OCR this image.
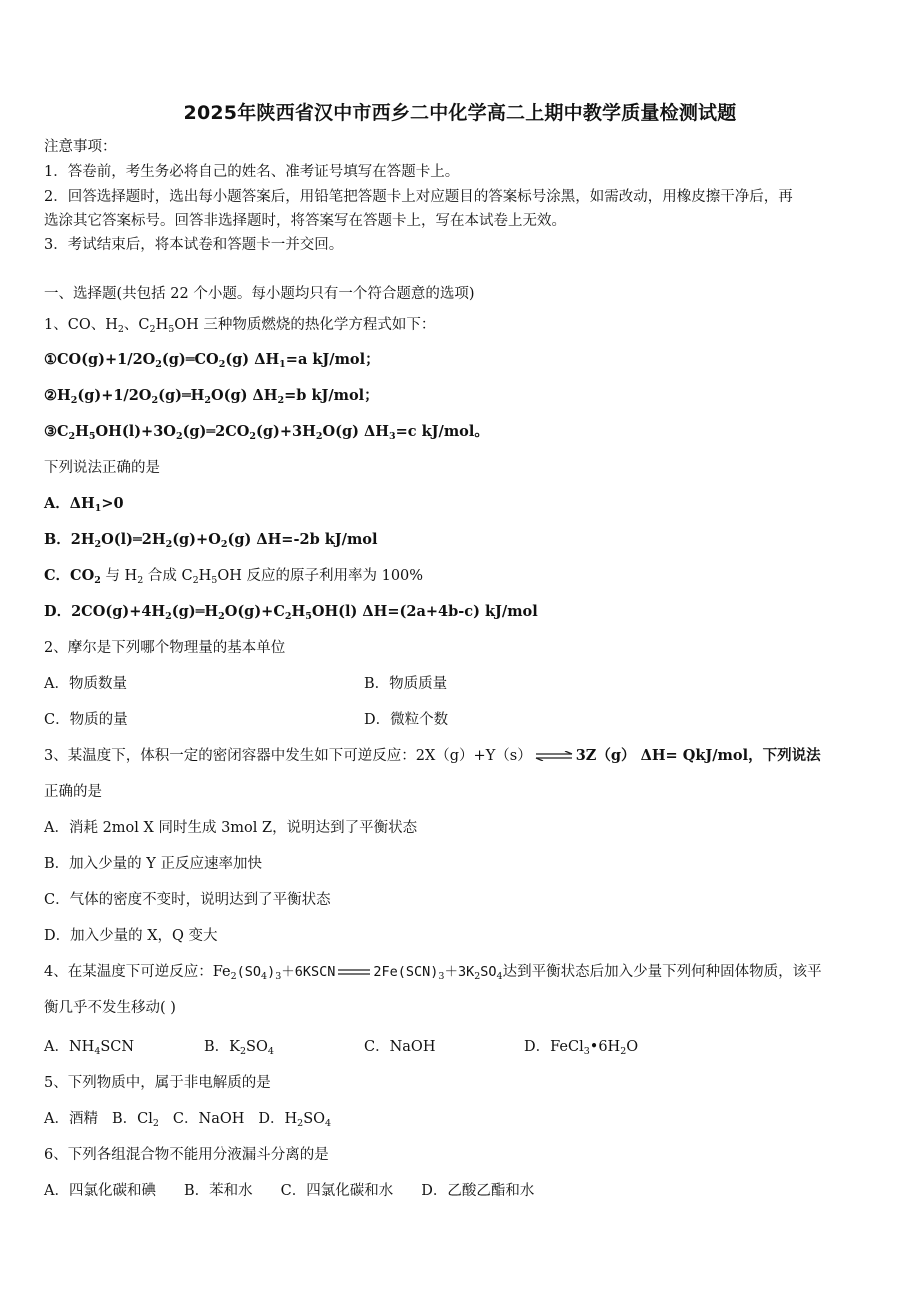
2025年陕西省汉中市西乡二中化学高二上期中教学质量检测试题
注意事项：
1．答卷前，考生务必将自己的姓名、准考证号填写在答题卡上。
2．回答选择题时，选出每小题答案后，用铅笔把答题卡上对应题目的答案标号涂黑，如需改动，用橡皮擦干净后，再
选涂其它答案标号。回答非选择题时，将答案写在答题卡上，写在本试卷上无效。
3．考试结束后，将本试卷和答题卡一并交回。
一、选择题(共包括 22 个小题。每小题均只有一个符合题意的选项)
1、CO、$H_2$、$C_2H_5OH$ 三种物质燃烧的热化学方程式如下：
$①CO(g)+1/2O_2(g)═CO_2(g)$ $\Delta H_1=a$ kJ/mol；
$②H_2(g)+1/2O_2(g)═H_2O(g)$ $\Delta H_2=b$ kJ/mol；
$③C_2H_5OH(l)+3O_2(g)═2CO_2(g)+3H_2O(g)$ $\Delta H_3=c$ kJ/mol。
下列说法正确的是
A．$\Delta H_1>0$
B．$2H_2O(l)═2H_2(g)+O_2(g)$ ΔH=-2b kJ/mol
C．$CO_2$ 与 $H_2$ 合成 $C_2H_5OH$ 反应的原子利用率为 100%
D．$2CO(g)+4H_2(g)═H_2O(g)+C_2H_5OH(l)$ ΔH=(2a+4b-c) kJ/mol
2、摩尔是下列哪个物理量的基本单位
A．物质数量	B．物质质量
C．物质的量	D．微粒个数
3、某温度下，体积一定的密闭容器中发生如下可逆反应：2X（g）+Y（s） ⇌ 3Z（g） ΔH= QkJ/mol，下列说法
正确的是
A．消耗 2mol X 同时生成 3mol Z，说明达到了平衡状态
B．加入少量的 Y 正反应速率加快
C．气体的密度不变时，说明达到了平衡状态
D．加入少量的 X，Q 变大
4、在某温度下可逆反应：$Fe_2(SO_4)_3+6KSCN$	$2Fe(SCN)_3+3K_2SO_4$达到平衡状态后加入少量下列何种固体物质，该平
衡几乎不发生移动( )
A．$NH_4SCN$	B．$K_2SO_4$	C．NaOH	D．$FeCl_3•6H_2O$
5、下列物质中，属于非电解质的是
A．酒精 B．$Cl_2$ C．NaOH D．$H_2SO_4$
6、下列各组混合物不能用分液漏斗分离的是
A．四氯化碳和碘 B．苯和水 C．四氯化碳和水 D．乙酸乙酯和水
